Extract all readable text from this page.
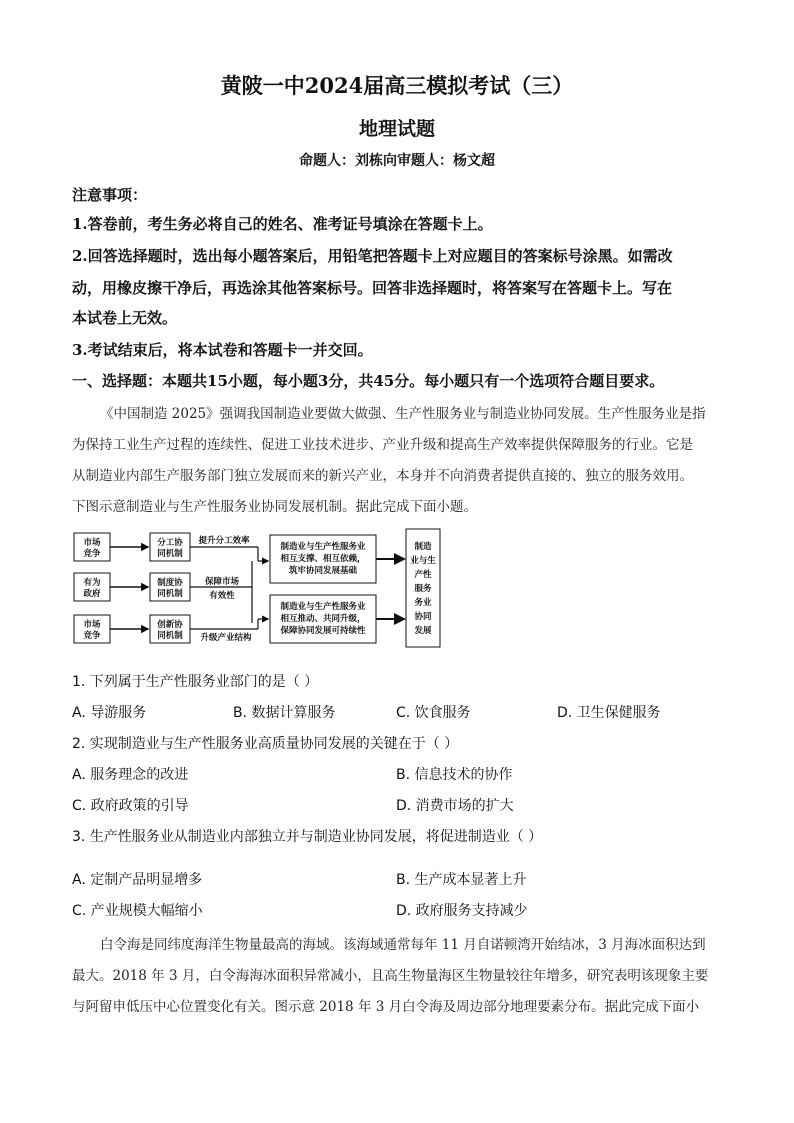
黄陂一中2024届高三模拟考试（三）
地理试题
命题人：刘栋向审题人：杨文超
注意事项：
1.答卷前，考生务必将自己的姓名、准考证号填涂在答题卡上。
2.回答选择题时，选出每小题答案后，用铅笔把答题卡上对应题目的答案标号涂黑。如需改
动，用橡皮擦干净后，再选涂其他答案标号。回答非选择题时，将答案写在答题卡上。写在
本试卷上无效。
3.考试结束后，将本试卷和答题卡一并交回。
一、选择题：本题共15小题，每小题3分，共45分。每小题只有一个选项符合题目要求。
《中国制造 2025》强调我国制造业要做大做强、生产性服务业与制造业协同发展。生产性服务业是指
为保持工业生产过程的连续性、促进工业技术进步、产业升级和提高生产效率提供保障服务的行业。它是
从制造业内部生产服务部门独立发展而来的新兴产业，本身并不向消费者提供直接的、独立的服务效用。
下图示意制造业与生产性服务业协同发展机制。据此完成下面小题。
市场
竞争
有为
政府
市场
竞争
分工协
同机制
制度协
同机制
创新协
同机制
提升分工效率
保障市场
有效性
升级产业结构
制造业与生产性服务业
相互支撑、相互依赖，
筑牢协同发展基础
制造业与生产性服务业
相互推动、共同升级，
保障协同发展可持续性
制造
业与生
产性
服务
务业
协同
发展
1. 下列属于生产性服务业部门的是（ ）
A. 导游服务	B. 数据计算服务	C. 饮食服务	D. 卫生保健服务
2. 实现制造业与生产性服务业高质量协同发展的关键在于（ ）
A. 服务理念的改进	B. 信息技术的协作
C. 政府政策的引导	D. 消费市场的扩大
3. 生产性服务业从制造业内部独立并与制造业协同发展，将促进制造业（ ）
A. 定制产品明显增多	B. 生产成本显著上升
C. 产业规模大幅缩小	D. 政府服务支持减少
白令海是同纬度海洋生物量最高的海域。该海域通常每年 11 月自诺顿湾开始结冰，3 月海冰面积达到
最大。2018 年 3 月，白令海海冰面积异常减小，且高生物量海区生物量较往年增多，研究表明该现象主要
与阿留申低压中心位置变化有关。图示意 2018 年 3 月白令海及周边部分地理要素分布。据此完成下面小
